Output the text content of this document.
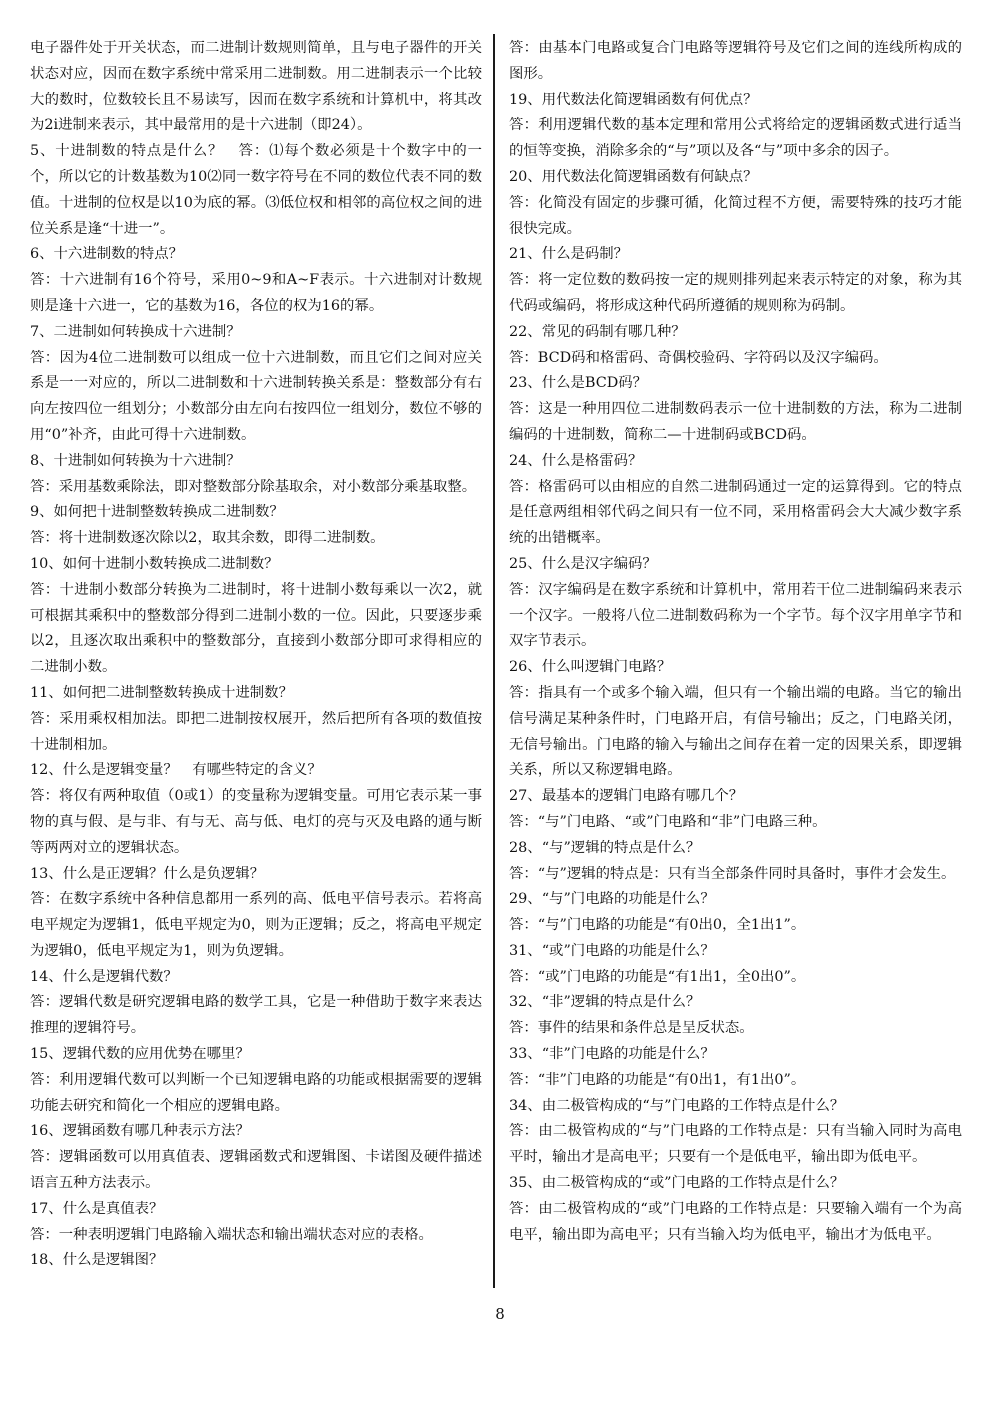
电子器件处于开关状态，而二进制计数规则简单，且与电子器件的开关状态对应，因而在数字系统中常采用二进制数。用二进制表示一个比较大的数时，位数较长且不易读写，因而在数字系统和计算机中，将其改为2i进制来表示，其中最常用的是十六进制（即24）。
5、十进制数的特点是什么？　答：⑴每个数必须是十个数字中的一个，所以它的计数基数为10⑵同一数字符号在不同的数位代表不同的数值。十进制的位权是以10为底的幂。⑶低位权和相邻的高位权之间的进位关系是逢“十进一”。
6、十六进制数的特点？
答：十六进制有16个符号，采用0~9和A~F表示。十六进制对计数规则是逢十六进一，它的基数为16，各位的权为16的幂。
7、二进制如何转换成十六进制？
答：因为4位二进制数可以组成一位十六进制数，而且它们之间对应关系是一一对应的，所以二进制数和十六进制转换关系是：整数部分有右向左按四位一组划分；小数部分由左向右按四位一组划分，数位不够的用“0”补齐，由此可得十六进制数。
8、十进制如何转换为十六进制？
答：采用基数乘除法，即对整数部分除基取余，对小数部分乘基取整。
9、如何把十进制整数转换成二进制数？
答：将十进制数逐次除以2，取其余数，即得二进制数。
10、如何十进制小数转换成二进制数？
答：十进制小数部分转换为二进制时，将十进制小数每乘以一次2，就可根据其乘积中的整数部分得到二进制小数的一位。因此，只要逐步乘以2，且逐次取出乘积中的整数部分，直接到小数部分即可求得相应的二进制小数。
11、如何把二进制整数转换成十进制数？
答：采用乘权相加法。即把二进制按权展开，然后把所有各项的数值按十进制相加。
12、什么是逻辑变量？　有哪些特定的含义？
答：将仅有两种取值（0或1）的变量称为逻辑变量。可用它表示某一事物的真与假、是与非、有与无、高与低、电灯的亮与灭及电路的通与断等两两对立的逻辑状态。
13、什么是正逻辑？什么是负逻辑？
答：在数字系统中各种信息都用一系列的高、低电平信号表示。若将高电平规定为逻辑1，低电平规定为0，则为正逻辑；反之，将高电平规定为逻辑0，低电平规定为1，则为负逻辑。
14、什么是逻辑代数？
答：逻辑代数是研究逻辑电路的数学工具，它是一种借助于数字来表达推理的逻辑符号。
15、逻辑代数的应用优势在哪里？
答：利用逻辑代数可以判断一个已知逻辑电路的功能或根据需要的逻辑功能去研究和简化一个相应的逻辑电路。
16、逻辑函数有哪几种表示方法？
答：逻辑函数可以用真值表、逻辑函数式和逻辑图、卡诺图及硬件描述语言五种方法表示。
17、什么是真值表？
答：一种表明逻辑门电路输入端状态和输出端状态对应的表格。
18、什么是逻辑图？
答：由基本门电路或复合门电路等逻辑符号及它们之间的连线所构成的图形。
19、用代数法化简逻辑函数有何优点？
答：利用逻辑代数的基本定理和常用公式将给定的逻辑函数式进行适当的恒等变换，消除多余的“与”项以及各“与”项中多余的因子。
20、用代数法化简逻辑函数有何缺点？
答：化简没有固定的步骤可循，化简过程不方便，需要特殊的技巧才能很快完成。
21、什么是码制？
答：将一定位数的数码按一定的规则排列起来表示特定的对象，称为其代码或编码，将形成这种代码所遵循的规则称为码制。
22、常见的码制有哪几种？
答：BCD码和格雷码、奇偶校验码、字符码以及汉字编码。
23、什么是BCD码？
答：这是一种用四位二进制数码表示一位十进制数的方法，称为二进制编码的十进制数，简称二—十进制码或BCD码。
24、什么是格雷码？
答：格雷码可以由相应的自然二进制码通过一定的运算得到。它的特点是任意两组相邻代码之间只有一位不同，采用格雷码会大大减少数字系统的出错概率。
25、什么是汉字编码？
答：汉字编码是在数字系统和计算机中，常用若干位二进制编码来表示一个汉字。一般将八位二进制数码称为一个字节。每个汉字用单字节和双字节表示。
26、什么叫逻辑门电路？
答：指具有一个或多个输入端，但只有一个输出端的电路。当它的输出信号满足某种条件时，门电路开启，有信号输出；反之，门电路关闭，无信号输出。门电路的输入与输出之间存在着一定的因果关系，即逻辑关系，所以又称逻辑电路。
27、最基本的逻辑门电路有哪几个？
答：“与”门电路、“或”门电路和“非”门电路三种。
28、“与”逻辑的特点是什么？
答：“与”逻辑的特点是：只有当全部条件同时具备时，事件才会发生。
29、“与”门电路的功能是什么？
答：“与”门电路的功能是“有0出0，全1出1”。
31、“或”门电路的功能是什么？
答：“或”门电路的功能是“有1出1，全0出0”。
32、“非”逻辑的特点是什么？
答：事件的结果和条件总是呈反状态。
33、“非”门电路的功能是什么？
答：“非”门电路的功能是“有0出1，有1出0”。
34、由二极管构成的“与”门电路的工作特点是什么？
答：由二极管构成的“与”门电路的工作特点是：只有当输入同时为高电平时，输出才是高电平；只要有一个是低电平，输出即为低电平。
35、由二极管构成的“或”门电路的工作特点是什么？
答：由二极管构成的“或”门电路的工作特点是：只要输入端有一个为高电平，输出即为高电平；只有当输入均为低电平，输出才为低电平。
8
